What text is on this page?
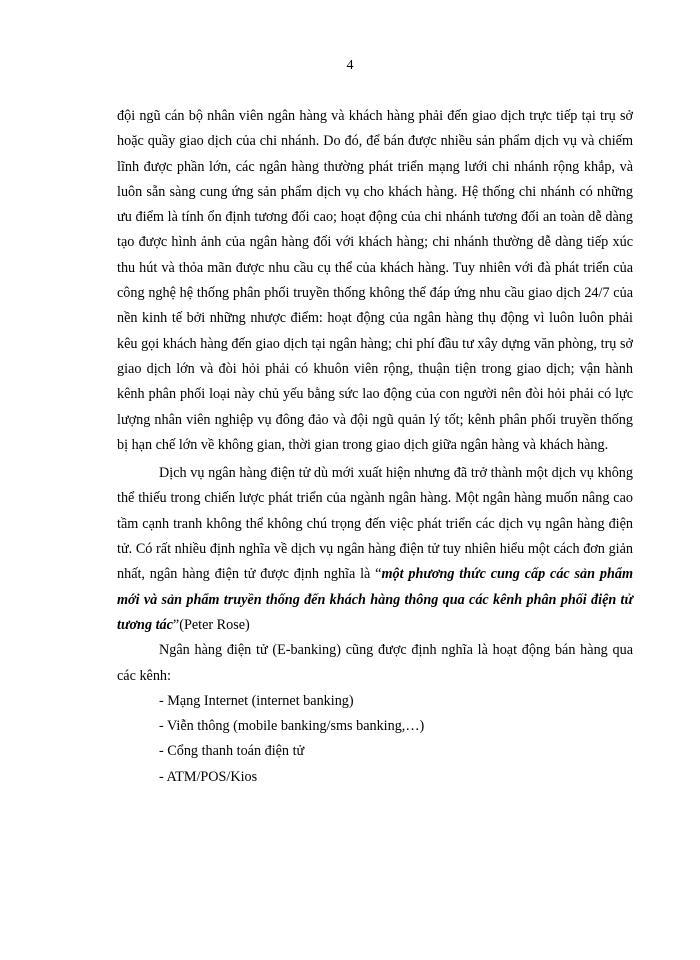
4

đội ngũ cán bộ nhân viên ngân hàng và khách hàng phải đến giao dịch trực tiếp tại trụ sở hoặc quầy giao dịch của chi nhánh. Do đó, để bán được nhiều sản phẩm dịch vụ và chiếm lĩnh được phần lớn, các ngân hàng thường phát triển mạng lưới chi nhánh rộng khắp, và luôn sẵn sàng cung ứng sản phẩm dịch vụ cho khách hàng. Hệ thống chi nhánh có những ưu điểm là tính ổn định tương đối cao; hoạt động của chi nhánh tương đối an toàn dễ dàng tạo được hình ảnh của ngân hàng đối với khách hàng; chi nhánh thường dễ dàng tiếp xúc thu hút và thỏa mãn được nhu cầu cụ thể của khách hàng. Tuy nhiên với đà phát triển của công nghệ hệ thống phân phối truyền thống không thể đáp ứng nhu cầu giao dịch 24/7 của nền kinh tế bởi những nhược điểm: hoạt động của ngân hàng thụ động vì luôn luôn phải kêu gọi khách hàng đến giao dịch tại ngân hàng; chi phí đầu tư xây dựng văn phòng, trụ sở giao dịch lớn và đòi hỏi phải có khuôn viên rộng, thuận tiện trong giao dịch; vận hành kênh phân phối loại này chủ yếu bằng sức lao động của con người nên đòi hỏi phải có lực lượng nhân viên nghiệp vụ đông đảo và đội ngũ quản lý tốt; kênh phân phối truyền thống bị hạn chế lớn về không gian, thời gian trong giao dịch giữa ngân hàng và khách hàng.

Dịch vụ ngân hàng điện tử dù mới xuất hiện nhưng đã trở thành một dịch vụ không thể thiếu trong chiến lược phát triển của ngành ngân hàng. Một ngân hàng muốn nâng cao tầm cạnh tranh không thể không chú trọng đến việc phát triển các dịch vụ ngân hàng điện tử. Có rất nhiều định nghĩa về dịch vụ ngân hàng điện tử tuy nhiên hiểu một cách đơn giản nhất, ngân hàng điện tử được định nghĩa là “một phương thức cung cấp các sản phẩm mới và sản phẩm truyền thống đến khách hàng thông qua các kênh phân phối điện tử tương tác”(Peter Rose)

Ngân hàng điện tử (E-banking) cũng được định nghĩa là hoạt động bán hàng qua các kênh:

- Mạng Internet (internet banking)
- Viễn thông (mobile banking/sms banking,…)
- Cổng thanh toán điện tử
- ATM/POS/Kios
